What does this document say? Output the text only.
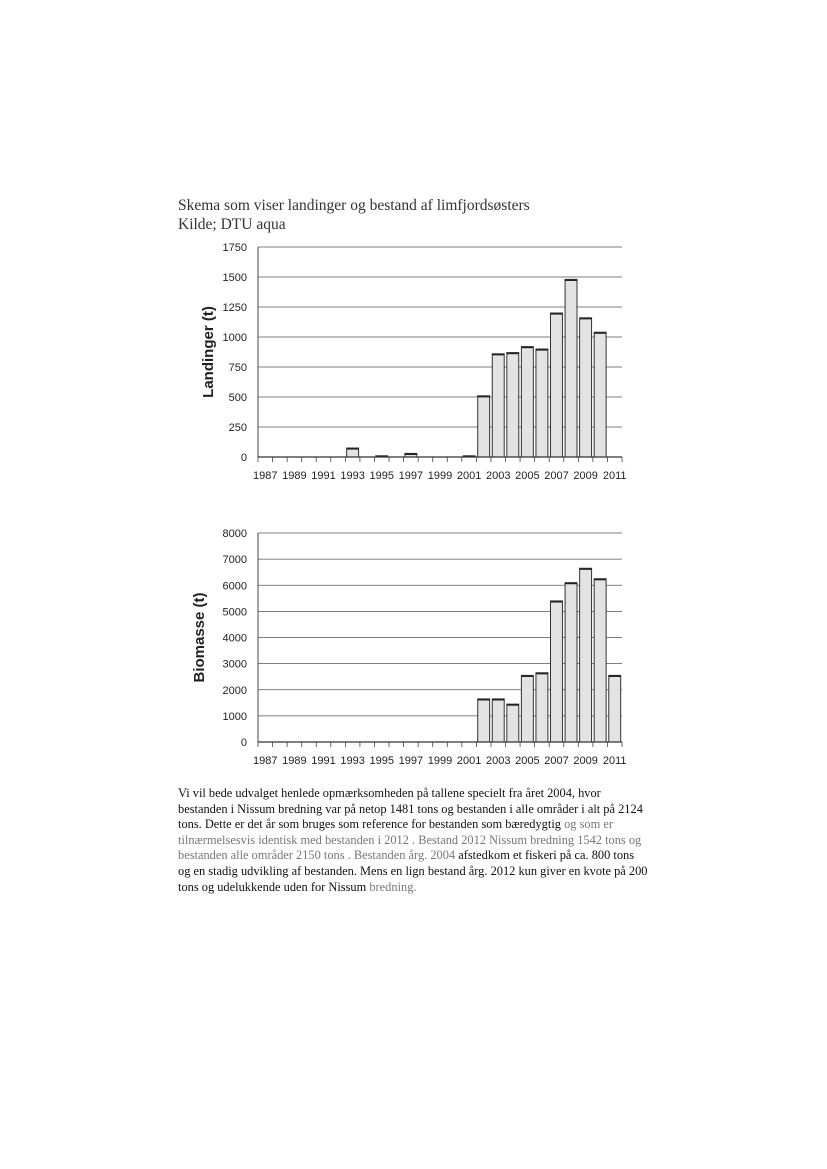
Skema som viser landinger og bestand af limfjordsøsters
Kilde; DTU aqua
0
250
500
750
1000
1250
1500
1750
1987 1989 1991 1993 1995 1997 1999 2001 2003 2005 2007 2009 2011
Landinger (t)
0
1000
2000
3000
4000
5000
6000
7000
8000
1987 1989 1991 1993 1995 1997 1999 2001 2003 2005 2007 2009 2011
Biomasse (t)
Vi vil bede udvalget henlede opmærksomheden på tallene specielt fra året 2004, hvor bestanden i Nissum bredning var på netop 1481 tons og bestanden i alle områder i alt på 2124 tons. Dette er det år som bruges som reference for bestanden som bæredygtig og som er tilnærmelsesvis identisk med bestanden i 2012 . Bestand 2012 Nissum bredning 1542 tons og bestanden alle områder 2150 tons . Bestanden årg. 2004 afstedkom et fiskeri på ca. 800 tons og en stadig udvikling af bestanden. Mens en lign bestand årg. 2012 kun giver en kvote på 200 tons og udelukkende uden for Nissum bredning.
